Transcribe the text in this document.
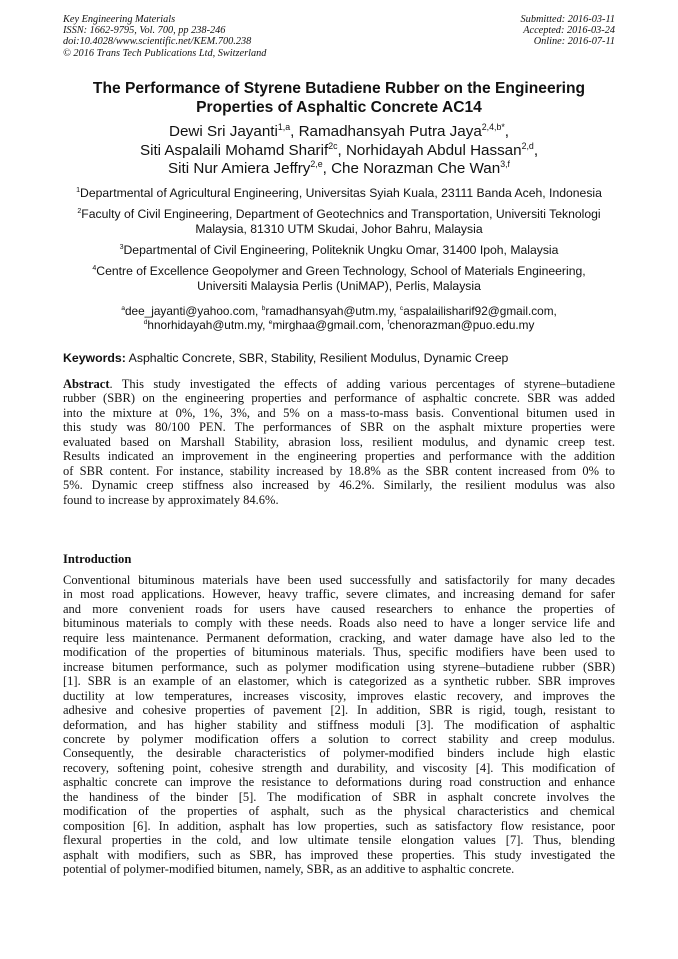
Key Engineering Materials
ISSN: 1662-9795, Vol. 700, pp 238-246
doi:10.4028/www.scientific.net/KEM.700.238
© 2016 Trans Tech Publications Ltd, Switzerland
Submitted: 2016-03-11
Accepted: 2016-03-24
Online: 2016-07-11
The Performance of Styrene Butadiene Rubber on the Engineering
Properties of Asphaltic Concrete AC14
Dewi Sri Jayanti$^{1,a}$, Ramadhansyah Putra Jaya$^{2,4,b*}$,
Siti Aspalaili Mohamd Sharif$^{2c}$, Norhidayah Abdul Hassan$^{2,d}$,
Siti Nur Amiera Jeffry$^{2,e}$, Che Norazman Che Wan$^{3,f}$
$^1$Departmental of Agricultural Engineering, Universitas Syiah Kuala, 23111 Banda Aceh, Indonesia
$^2$Faculty of Civil Engineering, Department of Geotechnics and Transportation, Universiti Teknologi
Malaysia, 81310 UTM Skudai, Johor Bahru, Malaysia
$^3$Departmental of Civil Engineering, Politeknik Ungku Omar, 31400 Ipoh, Malaysia
$^4$Centre of Excellence Geopolymer and Green Technology, School of Materials Engineering,
Universiti Malaysia Perlis (UniMAP), Perlis, Malaysia
$^a$dee_jayanti@yahoo.com, $^b$ramadhansyah@utm.my, $^c$aspalailisharif92@gmail.com,
$^d$hnorhidayah@utm.my, $^e$mirghaa@gmail.com, $^f$chenorazman@puo.edu.my
Keywords: Asphaltic Concrete, SBR, Stability, Resilient Modulus, Dynamic Creep
Abstract. This study investigated the effects of adding various percentages of styrene–butadiene
rubber (SBR) on the engineering properties and performance of asphaltic concrete. SBR was added
into the mixture at 0%, 1%, 3%, and 5% on a mass-to-mass basis. Conventional bitumen used in
this study was 80/100 PEN. The performances of SBR on the asphalt mixture properties were
evaluated based on Marshall Stability, abrasion loss, resilient modulus, and dynamic creep test.
Results indicated an improvement in the engineering properties and performance with the addition
of SBR content. For instance, stability increased by 18.8% as the SBR content increased from 0% to
5%. Dynamic creep stiffness also increased by 46.2%. Similarly, the resilient modulus was also
found to increase by approximately 84.6%.
Introduction
Conventional bituminous materials have been used successfully and satisfactorily for many decades
in most road applications. However, heavy traffic, severe climates, and increasing demand for safer
and more convenient roads for users have caused researchers to enhance the properties of
bituminous materials to comply with these needs. Roads also need to have a longer service life and
require less maintenance. Permanent deformation, cracking, and water damage have also led to the
modification of the properties of bituminous materials. Thus, specific modifiers have been used to
increase bitumen performance, such as polymer modification using styrene–butadiene rubber (SBR)
[1]. SBR is an example of an elastomer, which is categorized as a synthetic rubber. SBR improves
ductility at low temperatures, increases viscosity, improves elastic recovery, and improves the
adhesive and cohesive properties of pavement [2]. In addition, SBR is rigid, tough, resistant to
deformation, and has higher stability and stiffness moduli [3]. The modification of asphaltic
concrete by polymer modification offers a solution to correct stability and creep modulus.
Consequently, the desirable characteristics of polymer-modified binders include high elastic
recovery, softening point, cohesive strength and durability, and viscosity [4]. This modification of
asphaltic concrete can improve the resistance to deformations during road construction and enhance
the handiness of the binder [5]. The modification of SBR in asphalt concrete involves the
modification of the properties of asphalt, such as the physical characteristics and chemical
composition [6]. In addition, asphalt has low properties, such as satisfactory flow resistance, poor
flexural properties in the cold, and low ultimate tensile elongation values [7]. Thus, blending
asphalt with modifiers, such as SBR, has improved these properties. This study investigated the
potential of polymer-modified bitumen, namely, SBR, as an additive to asphaltic concrete.
